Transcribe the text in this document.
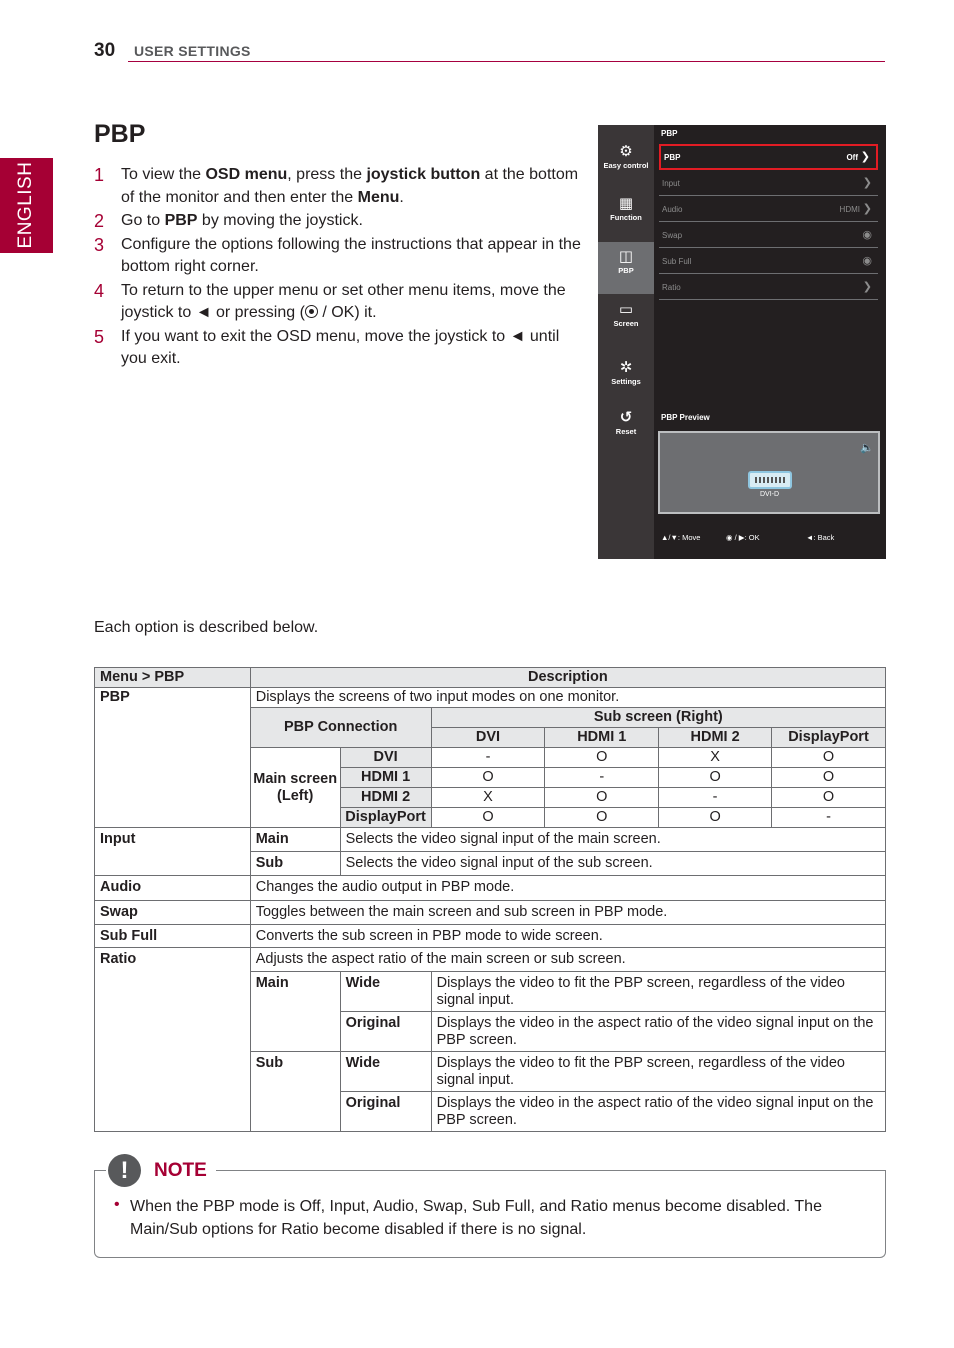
30 USER SETTINGS
ENGLISH
PBP
1 To view the OSD menu, press the joystick button at the bottom of the monitor and then enter the Menu.
2 Go to PBP by moving the joystick.
3 Configure the options following the instructions that appear in the bottom right corner.
4 To return to the upper menu or set other menu items, move the joystick to ◄ or pressing ( / OK) it.
5 If you want to exit the OSD menu, move the joystick to ◄ until you exit.
⚙
Easy control
▦
Function
◫
PBP
▭
Screen
✲
Settings
↺
Reset
PBP
PBP	Off ❯
Input	❯
Audio	HDMI ❯
Swap	◉
Sub Full	◉
Ratio	❯
PBP Preview
🔈
DVI-D
▲/▼: Move	◉ / ▶: OK	◄: Back
Each option is described below.
Menu > PBP	Description					
PBP	Displays the screens of two input modes on one monitor.					
	PBP Connection		Sub screen (Right)			
			DVI	HDMI 1	HDMI 2	DisplayPort
	Main screen (Left)	DVI	-	O	X	O
		HDMI 1	O	-	O	O
		HDMI 2	X	O	-	O
		DisplayPort	O	O	O	-
Input	Main	Selects the video signal input of the main screen.				
	Sub	Selects the video signal input of the sub screen.				
Audio	Changes the audio output in PBP mode.					
Swap	Toggles between the main screen and sub screen in PBP mode.					
Sub Full	Converts the sub screen in PBP mode to wide screen.					
Ratio	Adjusts the aspect ratio of the main screen or sub screen.					
	Main	Wide	Displays the video to fit the PBP screen, regardless of the video signal input.			
		Original	Displays the video in the aspect ratio of the video signal input on the PBP screen.			
	Sub	Wide	Displays the video to fit the PBP screen, regardless of the video signal input.			
		Original	Displays the video in the aspect ratio of the video signal input on the PBP screen.			
!	NOTE
• When the PBP mode is Off, Input, Audio, Swap, Sub Full, and Ratio menus become disabled. The Main/Sub options for Ratio become disabled if there is no signal.
